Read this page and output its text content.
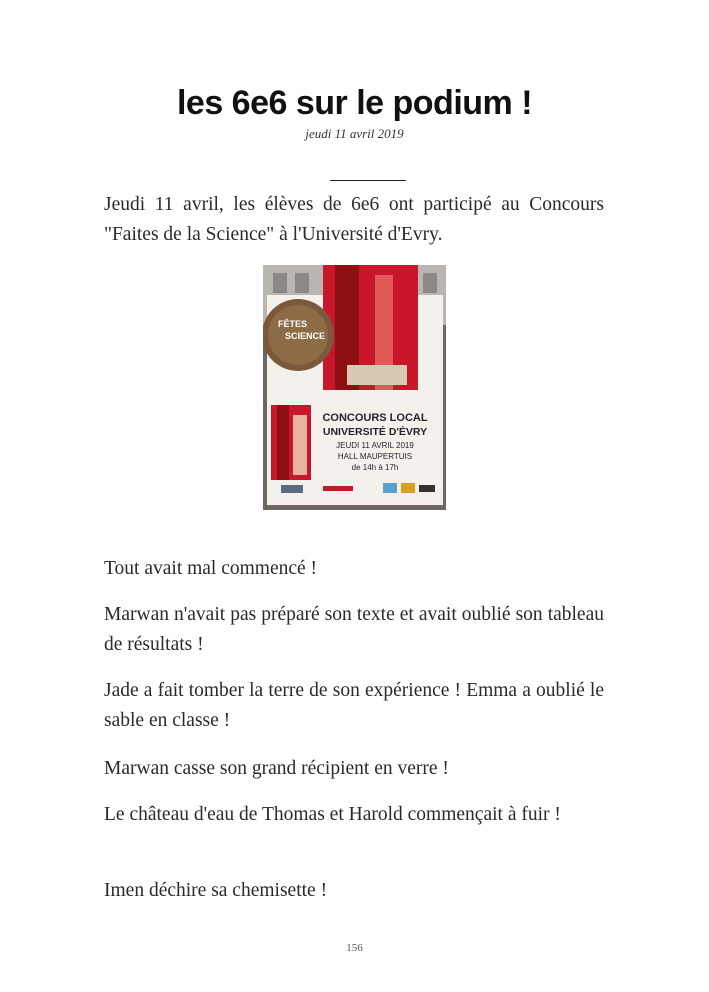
les 6e6 sur le podium !
jeudi 11 avril 2019

Jeudi 11 avril, les élèves de 6e6 ont participé au Concours "Faites de la Science" à l'Université d'Evry.

FÊTES
SCIENCE
CONCOURS LOCAL
UNIVERSITÉ D'ÉVRY
JEUDI 11 AVRIL 2019
HALL MAUPERTUIS
de 14h à 17h

Tout avait mal commencé !

Marwan n'avait pas préparé son texte et avait oublié son tableau de résultats !

Jade a fait tomber la terre de son expérience ! Emma a oublié le sable en classe !

Marwan casse son grand récipient en verre !

Le château d'eau de Thomas et Harold commençait à fuir !

Imen déchire sa chemisette !

156
